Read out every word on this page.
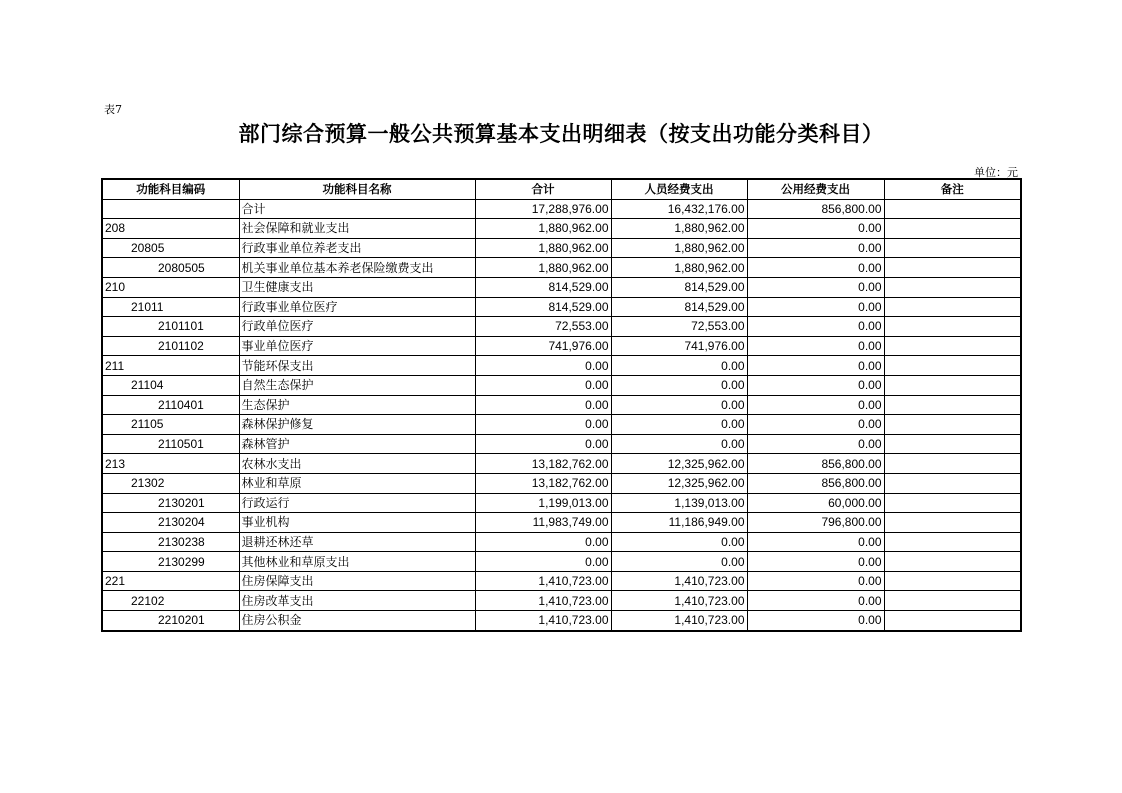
表7
部门综合预算一般公共预算基本支出明细表（按支出功能分类科目）
单位：元
功能科目编码	功能科目名称	合计	人员经费支出	公用经费支出	备注
	合计	17,288,976.00	16,432,176.00	856,800.00	
208	社会保障和就业支出	1,880,962.00	1,880,962.00	0.00	
20805	行政事业单位养老支出	1,880,962.00	1,880,962.00	0.00	
2080505	机关事业单位基本养老保险缴费支出	1,880,962.00	1,880,962.00	0.00	
210	卫生健康支出	814,529.00	814,529.00	0.00	
21011	行政事业单位医疗	814,529.00	814,529.00	0.00	
2101101	行政单位医疗	72,553.00	72,553.00	0.00	
2101102	事业单位医疗	741,976.00	741,976.00	0.00	
211	节能环保支出	0.00	0.00	0.00	
21104	自然生态保护	0.00	0.00	0.00	
2110401	生态保护	0.00	0.00	0.00	
21105	森林保护修复	0.00	0.00	0.00	
2110501	森林管护	0.00	0.00	0.00	
213	农林水支出	13,182,762.00	12,325,962.00	856,800.00	
21302	林业和草原	13,182,762.00	12,325,962.00	856,800.00	
2130201	行政运行	1,199,013.00	1,139,013.00	60,000.00	
2130204	事业机构	11,983,749.00	11,186,949.00	796,800.00	
2130238	退耕还林还草	0.00	0.00	0.00	
2130299	其他林业和草原支出	0.00	0.00	0.00	
221	住房保障支出	1,410,723.00	1,410,723.00	0.00	
22102	住房改革支出	1,410,723.00	1,410,723.00	0.00	
2210201	住房公积金	1,410,723.00	1,410,723.00	0.00	
